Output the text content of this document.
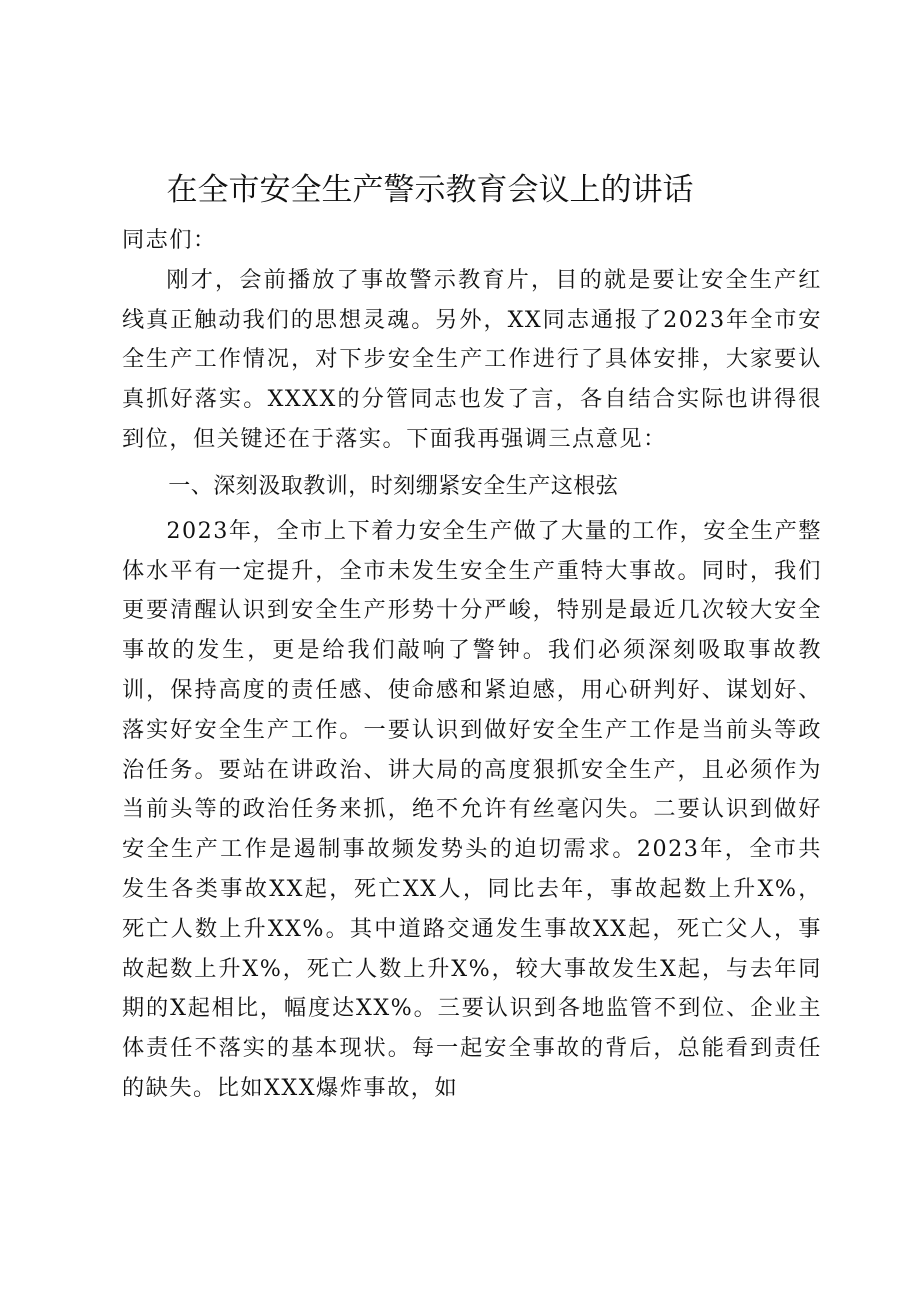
在全市安全生产警示教育会议上的讲话

同志们：

刚才，会前播放了事故警示教育片，目的就是要让安全生产红线真正触动我们的思想灵魂。另外，XX同志通报了2023年全市安全生产工作情况，对下步安全生产工作进行了具体安排，大家要认真抓好落实。XXXX的分管同志也发了言，各自结合实际也讲得很到位，但关键还在于落实。下面我再强调三点意见：

一、深刻汲取教训，时刻绷紧安全生产这根弦

2023年，全市上下着力安全生产做了大量的工作，安全生产整体水平有一定提升，全市未发生安全生产重特大事故。同时，我们更要清醒认识到安全生产形势十分严峻，特别是最近几次较大安全事故的发生，更是给我们敲响了警钟。我们必须深刻吸取事故教训，保持高度的责任感、使命感和紧迫感，用心研判好、谋划好、落实好安全生产工作。一要认识到做好安全生产工作是当前头等政治任务。要站在讲政治、讲大局的高度狠抓安全生产，且必须作为当前头等的政治任务来抓，绝不允许有丝毫闪失。二要认识到做好安全生产工作是遏制事故频发势头的迫切需求。2023年，全市共发生各类事故XX起，死亡XX人，同比去年，事故起数上升X%，死亡人数上升XX%。其中道路交通发生事故XX起，死亡父人，事故起数上升X%，死亡人数上升X%，较大事故发生X起，与去年同期的X起相比，幅度达XX%。三要认识到各地监管不到位、企业主体责任不落实的基本现状。每一起安全事故的背后，总能看到责任的缺失。比如XXX爆炸事故，如
